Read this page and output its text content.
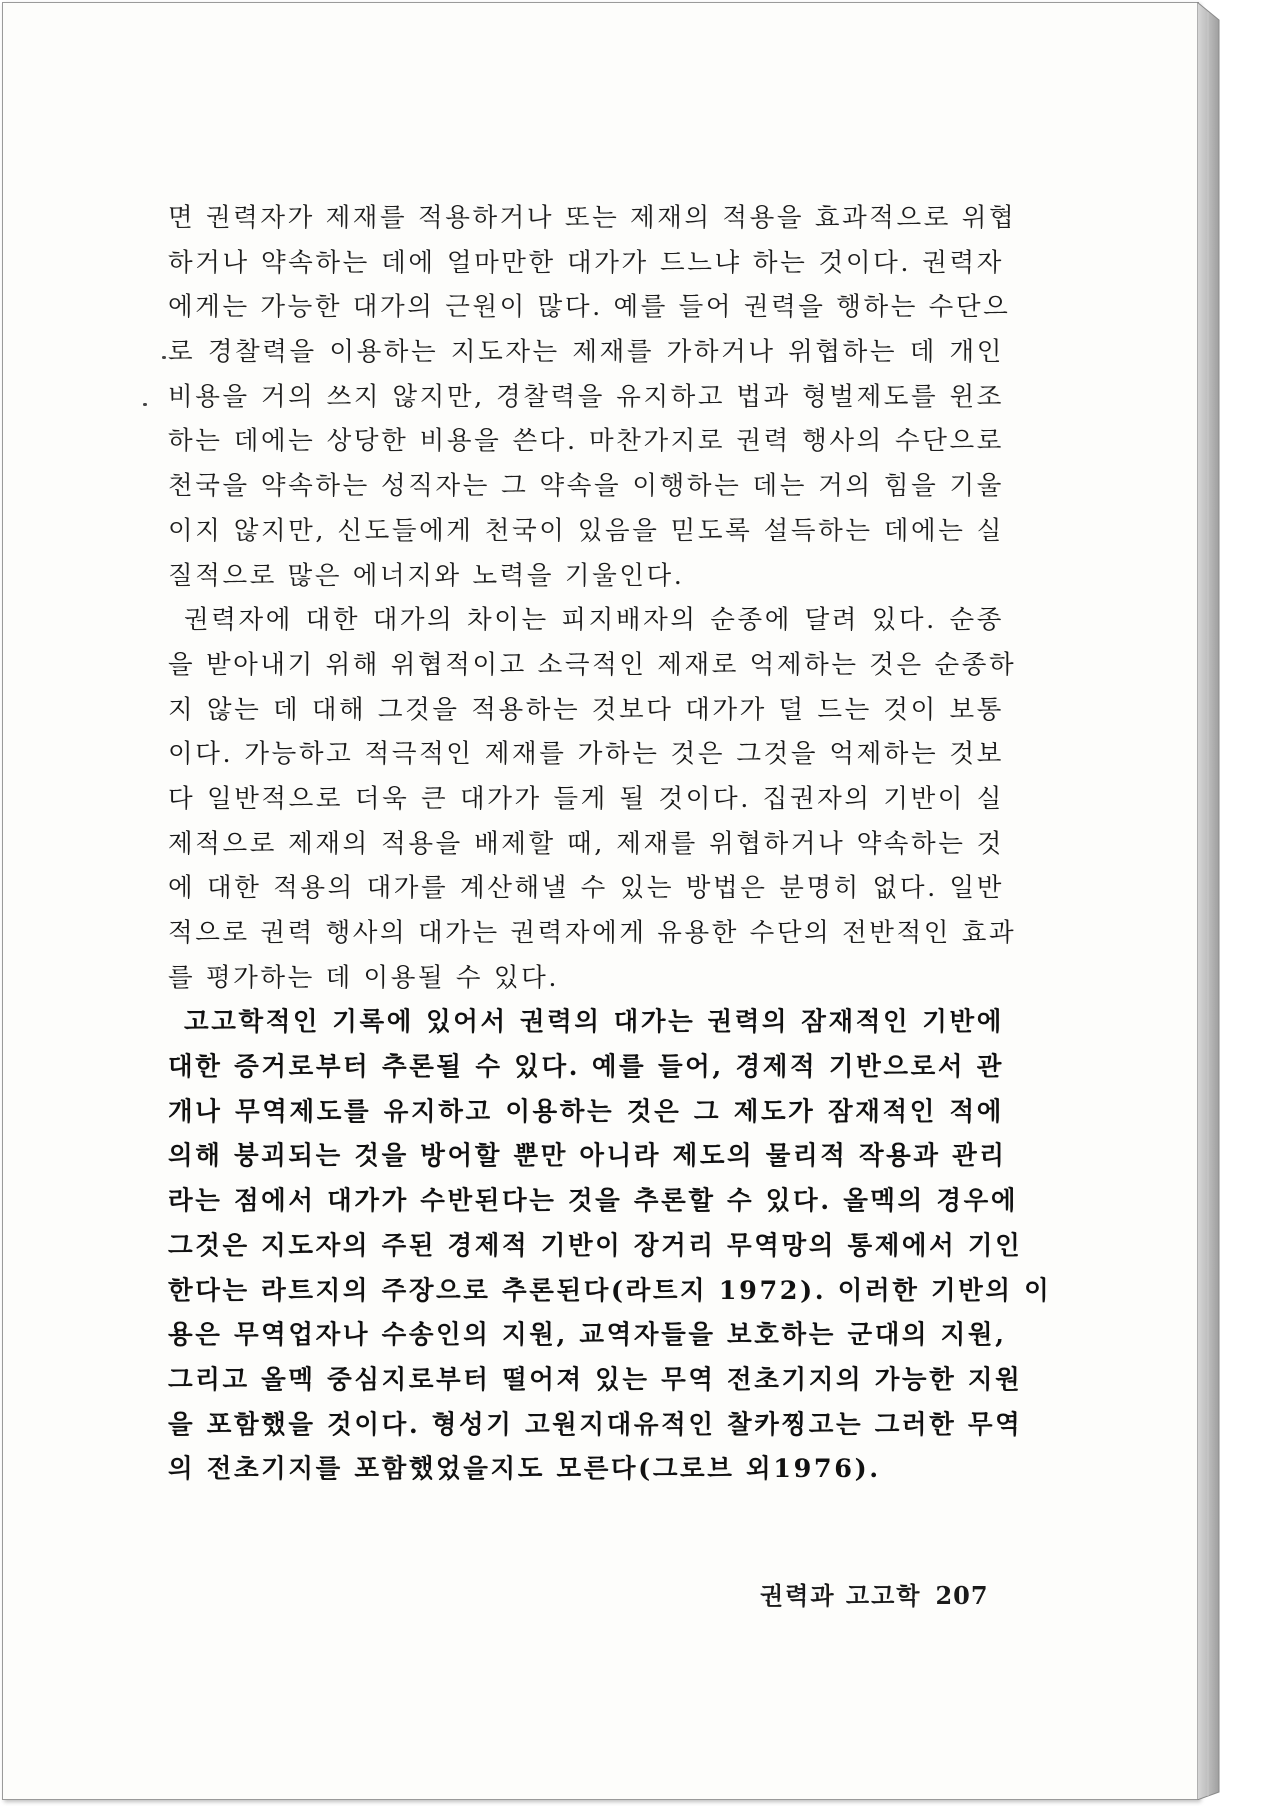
면 권력자가 제재를 적용하거나 또는 제재의 적용을 효과적으로 위협
하거나 약속하는 데에 얼마만한 대가가 드느냐 하는 것이다. 권력자
에게는 가능한 대가의 근원이 많다. 예를 들어 권력을 행하는 수단으
로 경찰력을 이용하는 지도자는 제재를 가하거나 위협하는 데 개인
비용을 거의 쓰지 않지만, 경찰력을 유지하고 법과 형벌제도를 윈조
하는 데에는 상당한 비용을 쓴다. 마찬가지로 권력 행사의 수단으로
천국을 약속하는 성직자는 그 약속을 이행하는 데는 거의 힘을 기울
이지 않지만, 신도들에게 천국이 있음을 믿도록 설득하는 데에는 실
질적으로 많은 에너지와 노력을 기울인다.
권력자에 대한 대가의 차이는 피지배자의 순종에 달려 있다. 순종
을 받아내기 위해 위협적이고 소극적인 제재로 억제하는 것은 순종하
지 않는 데 대해 그것을 적용하는 것보다 대가가 덜 드는 것이 보통
이다. 가능하고 적극적인 제재를 가하는 것은 그것을 억제하는 것보
다 일반적으로 더욱 큰 대가가 들게 될 것이다. 집권자의 기반이 실
제적으로 제재의 적용을 배제할 때, 제재를 위협하거나 약속하는 것
에 대한 적용의 대가를 계산해낼 수 있는 방법은 분명히 없다. 일반
적으로 권력 행사의 대가는 권력자에게 유용한 수단의 전반적인 효과
를 평가하는 데 이용될 수 있다.
고고학적인 기록에 있어서 권력의 대가는 권력의 잠재적인 기반에
대한 증거로부터 추론될 수 있다. 예를 들어, 경제적 기반으로서 관
개나 무역제도를 유지하고 이용하는 것은 그 제도가 잠재적인 적에
의해 붕괴되는 것을 방어할 뿐만 아니라 제도의 물리적 작용과 관리
라는 점에서 대가가 수반된다는 것을 추론할 수 있다. 올멕의 경우에
그것은 지도자의 주된 경제적 기반이 장거리 무역망의 통제에서 기인
한다는 라트지의 주장으로 추론된다(라트지 1972). 이러한 기반의 이
용은 무역업자나 수송인의 지원, 교역자들을 보호하는 군대의 지원,
그리고 올멕 중심지로부터 떨어져 있는 무역 전초기지의 가능한 지원
을 포함했을 것이다. 형성기 고원지대유적인 찰카찡고는 그러한 무역
의 전초기지를 포함했었을지도 모른다(그로브 외1976).
권력과 고고학 207
